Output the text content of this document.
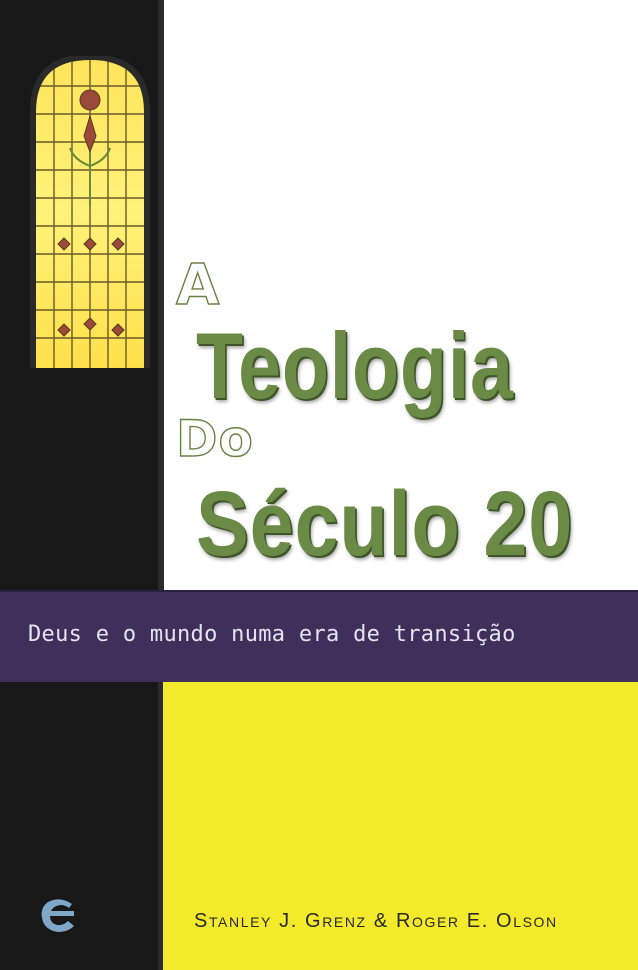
A
Teologia
Do
Século 20
Deus e o mundo numa era de transição
Stanley J. Grenz & Roger E. Olson
